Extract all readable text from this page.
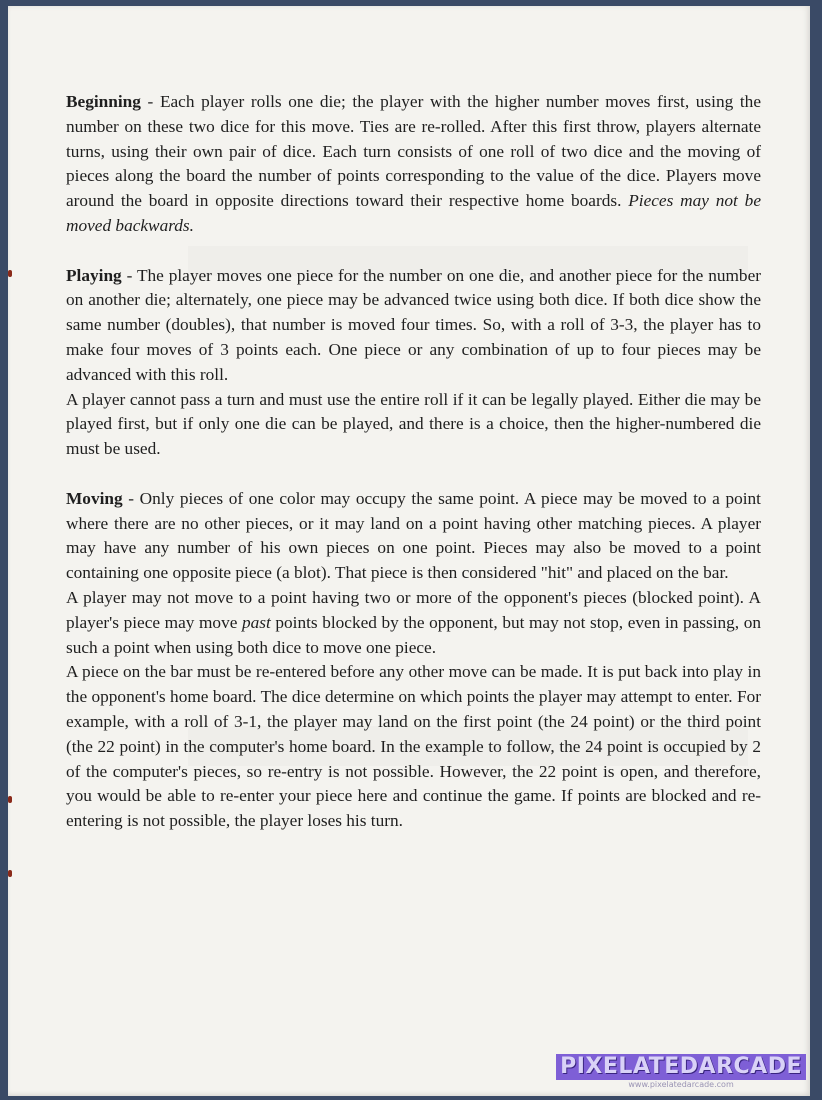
Beginning - Each player rolls one die; the player with the higher number moves first, using the number on these two dice for this move. Ties are re-rolled. After this first throw, players alternate turns, using their own pair of dice. Each turn consists of one roll of two dice and the moving of pieces along the board the number of points corresponding to the value of the dice. Players move around the board in opposite directions toward their respective home boards. Pieces may not be moved backwards.

Playing - The player moves one piece for the number on one die, and another piece for the number on another die; alternately, one piece may be advanced twice using both dice. If both dice show the same number (doubles), that number is moved four times. So, with a roll of 3-3, the player has to make four moves of 3 points each. One piece or any combination of up to four pieces may be advanced with this roll.

A player cannot pass a turn and must use the entire roll if it can be legally played. Either die may be played first, but if only one die can be played, and there is a choice, then the higher-numbered die must be used.

Moving - Only pieces of one color may occupy the same point. A piece may be moved to a point where there are no other pieces, or it may land on a point having other matching pieces. A player may have any number of his own pieces on one point. Pieces may also be moved to a point containing one opposite piece (a blot). That piece is then considered "hit" and placed on the bar.

A player may not move to a point having two or more of the opponent's pieces (blocked point). A player's piece may move past points blocked by the opponent, but may not stop, even in passing, on such a point when using both dice to move one piece.

A piece on the bar must be re-entered before any other move can be made. It is put back into play in the opponent's home board. The dice determine on which points the player may attempt to enter. For example, with a roll of 3-1, the player may land on the first point (the 24 point) or the third point (the 22 point) in the computer's home board. In the example to follow, the 24 point is occupied by 2 of the computer's pieces, so re-entry is not possible. However, the 22 point is open, and therefore, you would be able to re-enter your piece here and continue the game. If points are blocked and re-entering is not possible, the player loses his turn.

PIXELATEDARCADE
www.pixelatedarcade.com
